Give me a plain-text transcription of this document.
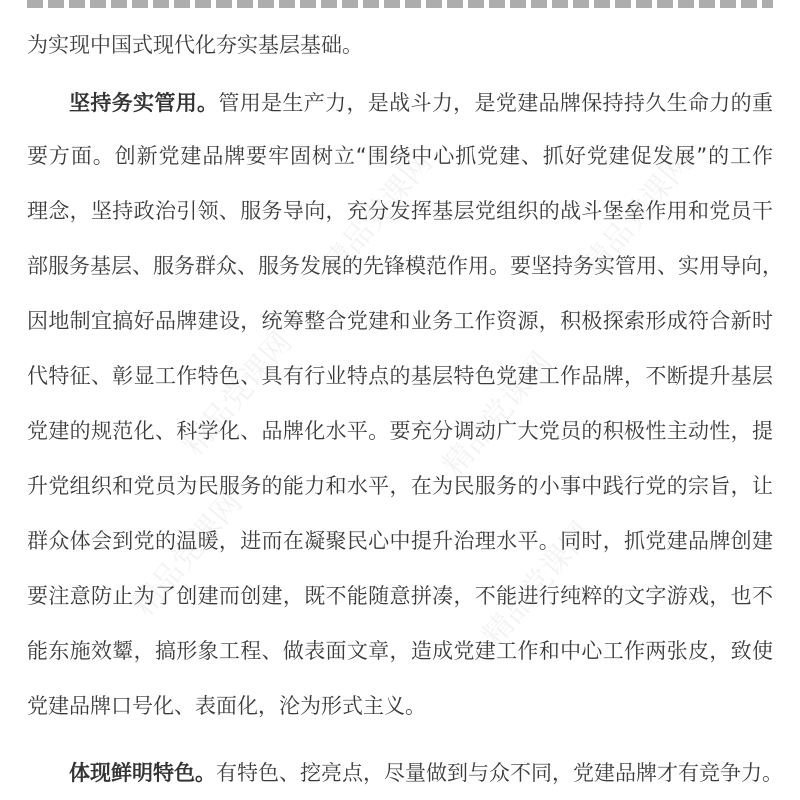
精品党课网	精品党课网
精品党课网	精品党课网
精品党课网	精品党课网
为实现中国式现代化夯实基层基础。
坚持务实管用。管用是生产力，是战斗力，是党建品牌保持持久生命力的重
要方面。创新党建品牌要牢固树立“围绕中心抓党建、抓好党建促发展”的工作
理念，坚持政治引领、服务导向，充分发挥基层党组织的战斗堡垒作用和党员干
部服务基层、服务群众、服务发展的先锋模范作用。要坚持务实管用、实用导向，
因地制宜搞好品牌建设，统筹整合党建和业务工作资源，积极探索形成符合新时
代特征、彰显工作特色、具有行业特点的基层特色党建工作品牌，不断提升基层
党建的规范化、科学化、品牌化水平。要充分调动广大党员的积极性主动性，提
升党组织和党员为民服务的能力和水平，在为民服务的小事中践行党的宗旨，让
群众体会到党的温暖，进而在凝聚民心中提升治理水平。同时，抓党建品牌创建
要注意防止为了创建而创建，既不能随意拼凑，不能进行纯粹的文字游戏，也不
能东施效颦，搞形象工程、做表面文章，造成党建工作和中心工作两张皮，致使
党建品牌口号化、表面化，沦为形式主义。
体现鲜明特色。有特色、挖亮点，尽量做到与众不同，党建品牌才有竞争力。
